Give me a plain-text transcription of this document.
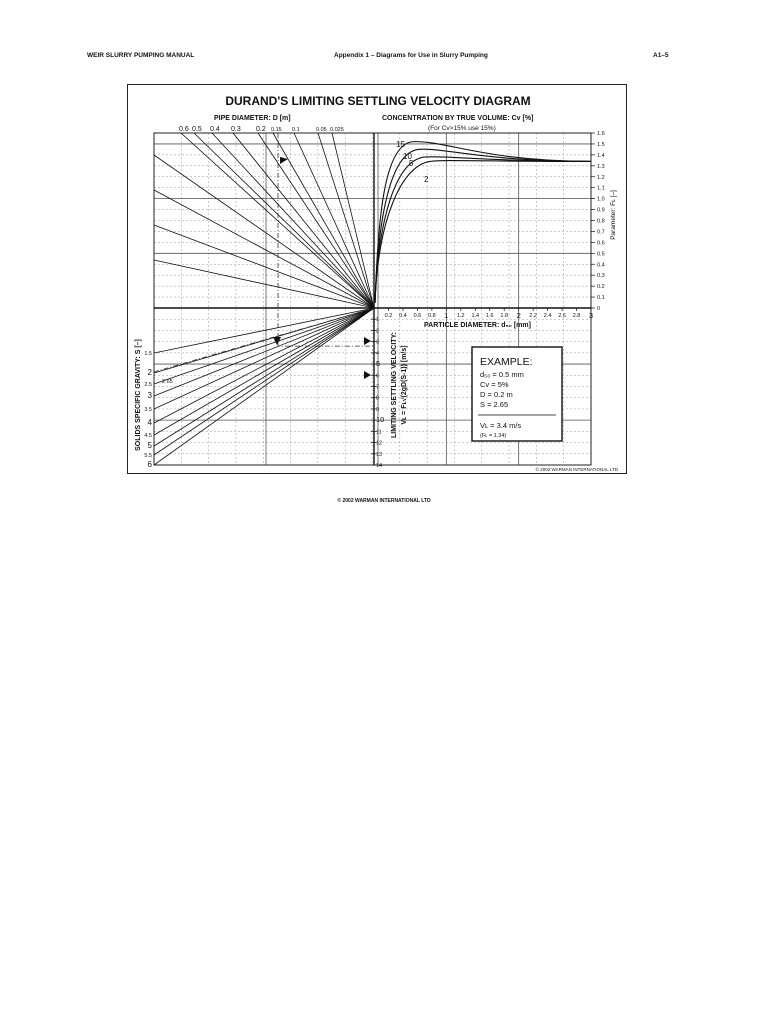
WEIR SLURRY PUMPING MANUAL	Appendix 1 – Diagrams for Use in Slurry Pumping	A1–5
DURAND'S LIMITING SETTLING VELOCITY DIAGRAM
PIPE DIAMETER: D [m]	CONCENTRATION BY TRUE VOLUME: Cv [%]
(For Cv>15% use 15%)
0.6 0.5 0.4 0.3 0.2 0.15 0.1	0.05 0.025
1.5
2
2.5
3
3.5
4
4.5
5
5.5
6
2.65
15
10
5
2
0.2 0.4 0.6 0.8 1 1.2 1.4 1.6 1.8 2 2.2 2.4 2.6 2.8 3
PARTICLE DIAMETER: d₅₀ [mm]
0
0.1
0.2
0.3
0.4
0.5
0.6
0.7
0.8
0.9
1.0
1.1
1.2
1.3
1.4
1.5
1.6
Parameter: Fʟ [–]
1
2
3
4
5
6
7
8
9
10
11
12
13
14
LIMITING SETTLING VELOCITY: Vʟ = Fʟ√(2gD(S-1)) [m/s]
SOLIDS SPECIFIC GRAVITY: S [–]	EXAMPLE:
d₅₀ = 0.5 mm
Cv = 5%
D = 0.2 m
S = 2.65
Vʟ = 3.4 m/s
(Fʟ = 1.34)
© 2002 WARMAN INTERNATIONAL LTD
© 2002 WARMAN INTERNATIONAL LTD
